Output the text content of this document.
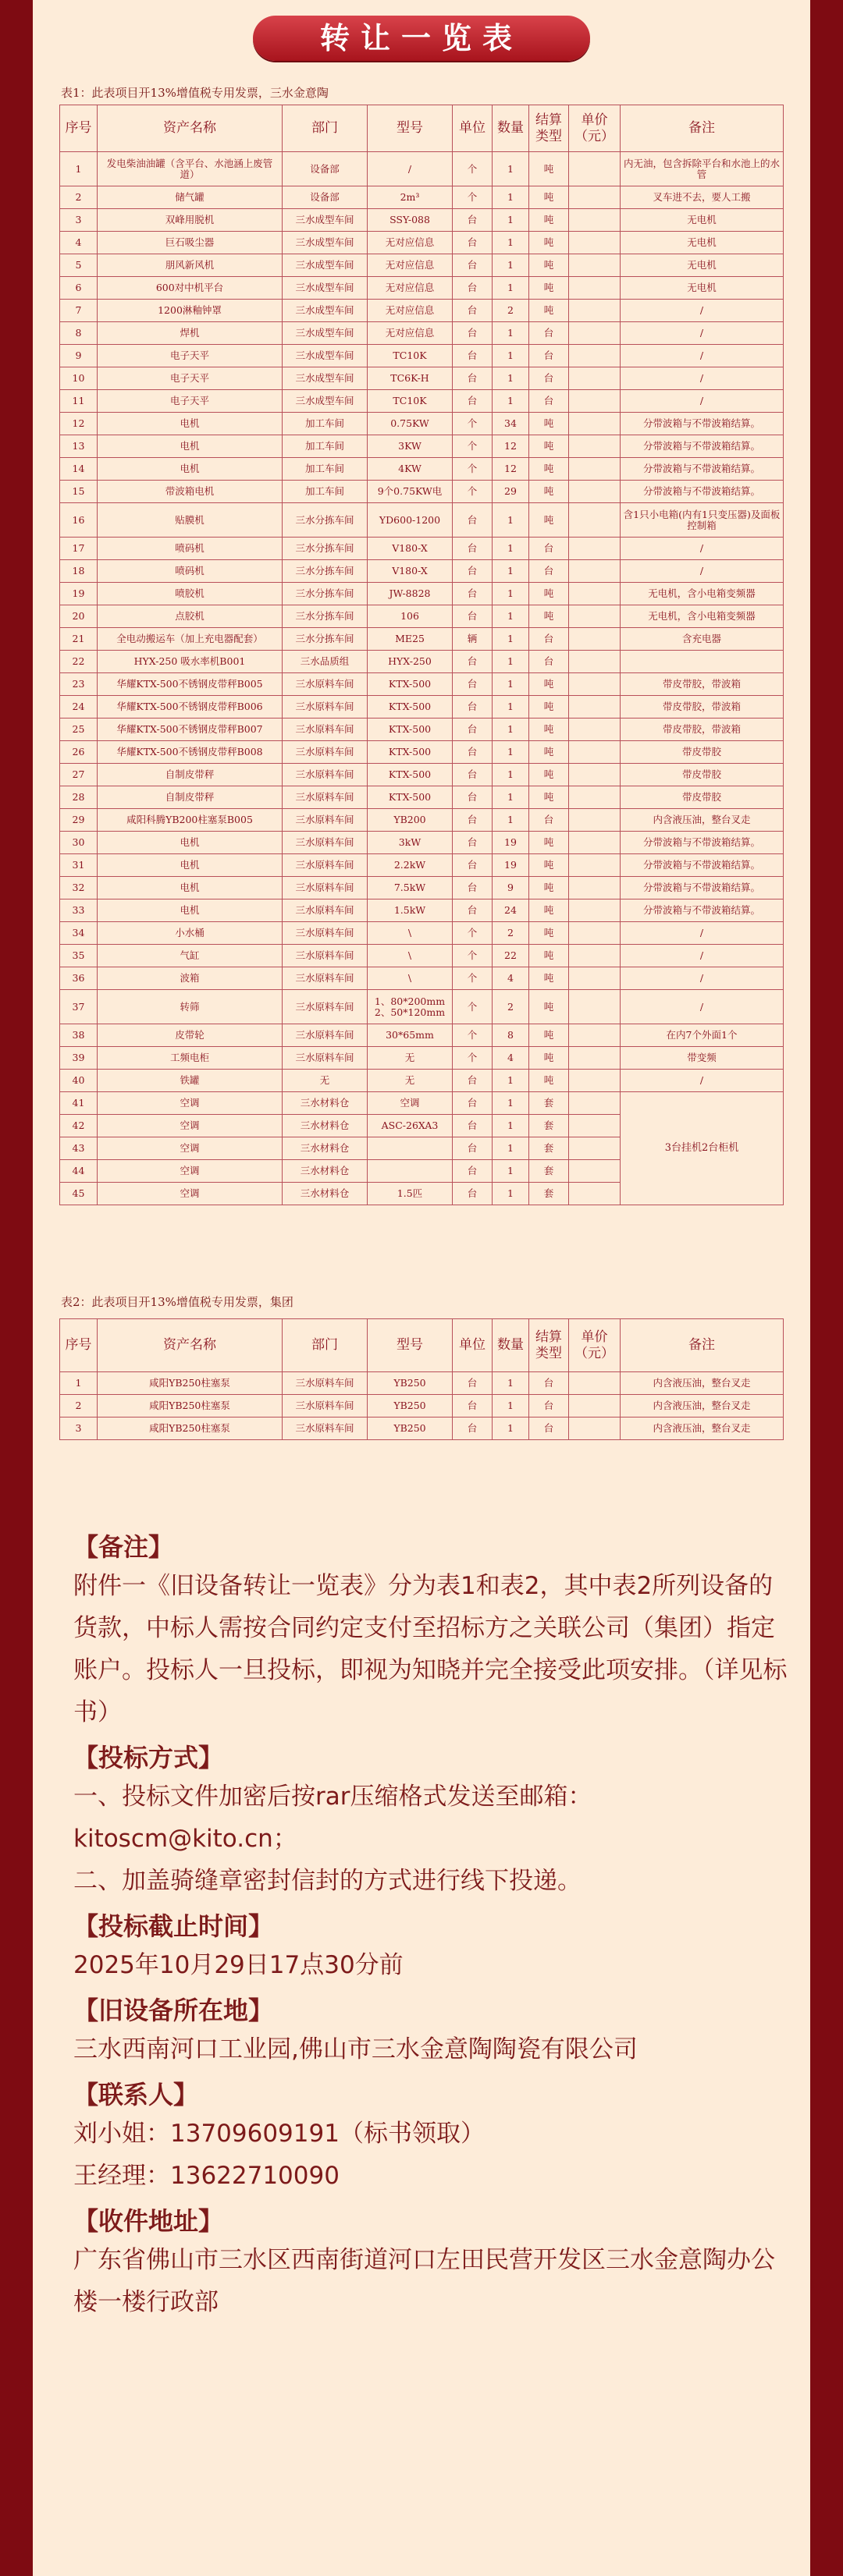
转让一览表
表1：此表项目开13%增值税专用发票，三水金意陶
序号	资产名称	部门	型号	单位	数量	结算类型	单价（元）	备注
1	发电柴油油罐（含平台、水池涵上废管道）	设备部	/	个	1	吨		内无油，包含拆除平台和水池上的水管
2	储气罐	设备部	2m³	个	1	吨		叉车进不去，要人工搬
3	双峰用脱机	三水成型车间	SSY-088	台	1	吨		无电机
4	巨石吸尘器	三水成型车间	无对应信息	台	1	吨		无电机
5	朋风新风机	三水成型车间	无对应信息	台	1	吨		无电机
6	600对中机平台	三水成型车间	无对应信息	台	1	吨		无电机
7	1200淋釉钟罩	三水成型车间	无对应信息	台	2	吨		/
8	焊机	三水成型车间	无对应信息	台	1	台		/
9	电子天平	三水成型车间	TC10K	台	1	台		/
10	电子天平	三水成型车间	TC6K-H	台	1	台		/
11	电子天平	三水成型车间	TC10K	台	1	台		/
12	电机	加工车间	0.75KW	个	34	吨		分带波箱与不带波箱结算。
13	电机	加工车间	3KW	个	12	吨		分带波箱与不带波箱结算。
14	电机	加工车间	4KW	个	12	吨		分带波箱与不带波箱结算。
15	带波箱电机	加工车间	9个0.75KW电	个	29	吨		分带波箱与不带波箱结算。
16	贴膜机	三水分拣车间	YD600-1200	台	1	吨		含1只小电箱(内有1只变压器)及面板控制箱
17	喷码机	三水分拣车间	V180-X	台	1	台		/
18	喷码机	三水分拣车间	V180-X	台	1	台		/
19	喷胶机	三水分拣车间	JW-8828	台	1	吨		无电机，含小电箱变频器
20	点胶机	三水分拣车间	106	台	1	吨		无电机，含小电箱变频器
21	全电动搬运车（加上充电器配套）	三水分拣车间	ME25	辆	1	台		含充电器
22	HYX-250 吸水率机B001	三水品质组	HYX-250	台	1	台		
23	华耀KTX-500不锈钢皮带秤B005	三水原料车间	KTX-500	台	1	吨		带皮带胶，带波箱
24	华耀KTX-500不锈钢皮带秤B006	三水原料车间	KTX-500	台	1	吨		带皮带胶，带波箱
25	华耀KTX-500不锈钢皮带秤B007	三水原料车间	KTX-500	台	1	吨		带皮带胶，带波箱
26	华耀KTX-500不锈钢皮带秤B008	三水原料车间	KTX-500	台	1	吨		带皮带胶
27	自制皮带秤	三水原料车间	KTX-500	台	1	吨		带皮带胶
28	自制皮带秤	三水原料车间	KTX-500	台	1	吨		带皮带胶
29	咸阳科腾YB200柱塞泵B005	三水原料车间	YB200	台	1	台		内含液压油，整台叉走
30	电机	三水原料车间	3kW	台	19	吨		分带波箱与不带波箱结算。
31	电机	三水原料车间	2.2kW	台	19	吨		分带波箱与不带波箱结算。
32	电机	三水原料车间	7.5kW	台	9	吨		分带波箱与不带波箱结算。
33	电机	三水原料车间	1.5kW	台	24	吨		分带波箱与不带波箱结算。
34	小水桶	三水原料车间	\	个	2	吨		/
35	气缸	三水原料车间	\	个	22	吨		/
36	波箱	三水原料车间	\	个	4	吨		/
37	转筛	三水原料车间	1、80*200mm 2、50*120mm	个	2	吨		/
38	皮带轮	三水原料车间	30*65mm	个	8	吨		在内7个外面1个
39	工频电柜	三水原料车间	无	个	4	吨		带变频
40	铁罐	无	无	台	1	吨		/
41	空调	三水材料仓	空调	台	1	套		3台挂机2台柜机
42	空调	三水材料仓	ASC-26XA3	台	1	套		
43	空调	三水材料仓		台	1	套		
44	空调	三水材料仓		台	1	套		
45	空调	三水材料仓	1.5匹	台	1	套		
表2：此表项目开13%增值税专用发票，集团
序号	资产名称	部门	型号	单位	数量	结算类型	单价（元）	备注
1	咸阳YB250柱塞泵	三水原料车间	YB250	台	1	台		内含液压油，整台叉走
2	咸阳YB250柱塞泵	三水原料车间	YB250	台	1	台		内含液压油，整台叉走
3	咸阳YB250柱塞泵	三水原料车间	YB250	台	1	台		内含液压油，整台叉走

【备注】

附件一《旧设备转让一览表》分为表1和表2，其中表2所列设备的货款，中标人需按合同约定支付至招标方之关联公司（集团）指定账户。投标人一旦投标，即视为知晓并完全接受此项安排。（详见标书）

【投标方式】

一、投标文件加密后按rar压缩格式发送至邮箱：

kitoscm@kito.cn；

二、加盖骑缝章密封信封的方式进行线下投递。

【投标截止时间】

2025年10月29日17点30分前

【旧设备所在地】

三水西南河口工业园,佛山市三水金意陶陶瓷有限公司

【联系人】

刘小姐：13709609191（标书领取）

王经理：13622710090

【收件地址】

广东省佛山市三水区西南街道河口左田民营开发区三水金意陶办公楼一楼行政部
